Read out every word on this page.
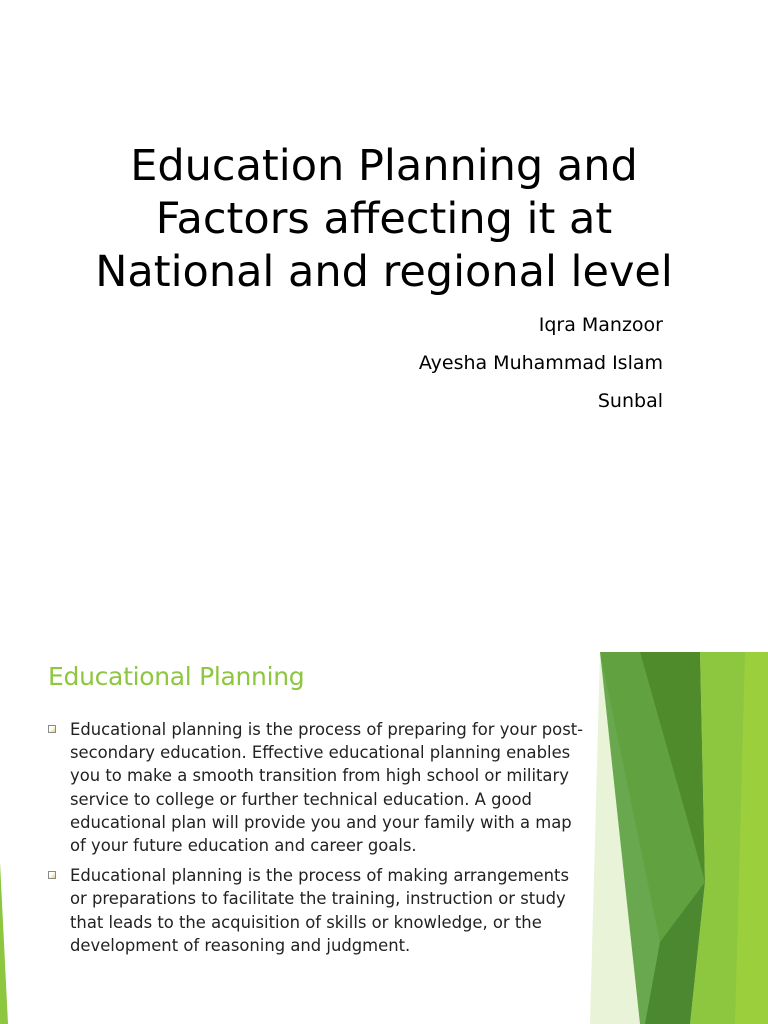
Education Planning and
Factors affecting it at
National and regional level
Iqra Manzoor
Ayesha Muhammad Islam
Sunbal
Educational Planning
Educational planning is the process of preparing for your post-secondary education. Effective educational planning enables you to make a smooth transition from high school or military service to college or further technical education. A good educational plan will provide you and your family with a map of your future education and career goals.
Educational planning is the process of making arrangements or preparations to facilitate the training, instruction or study that leads to the acquisition of skills or knowledge, or the development of reasoning and judgment.
